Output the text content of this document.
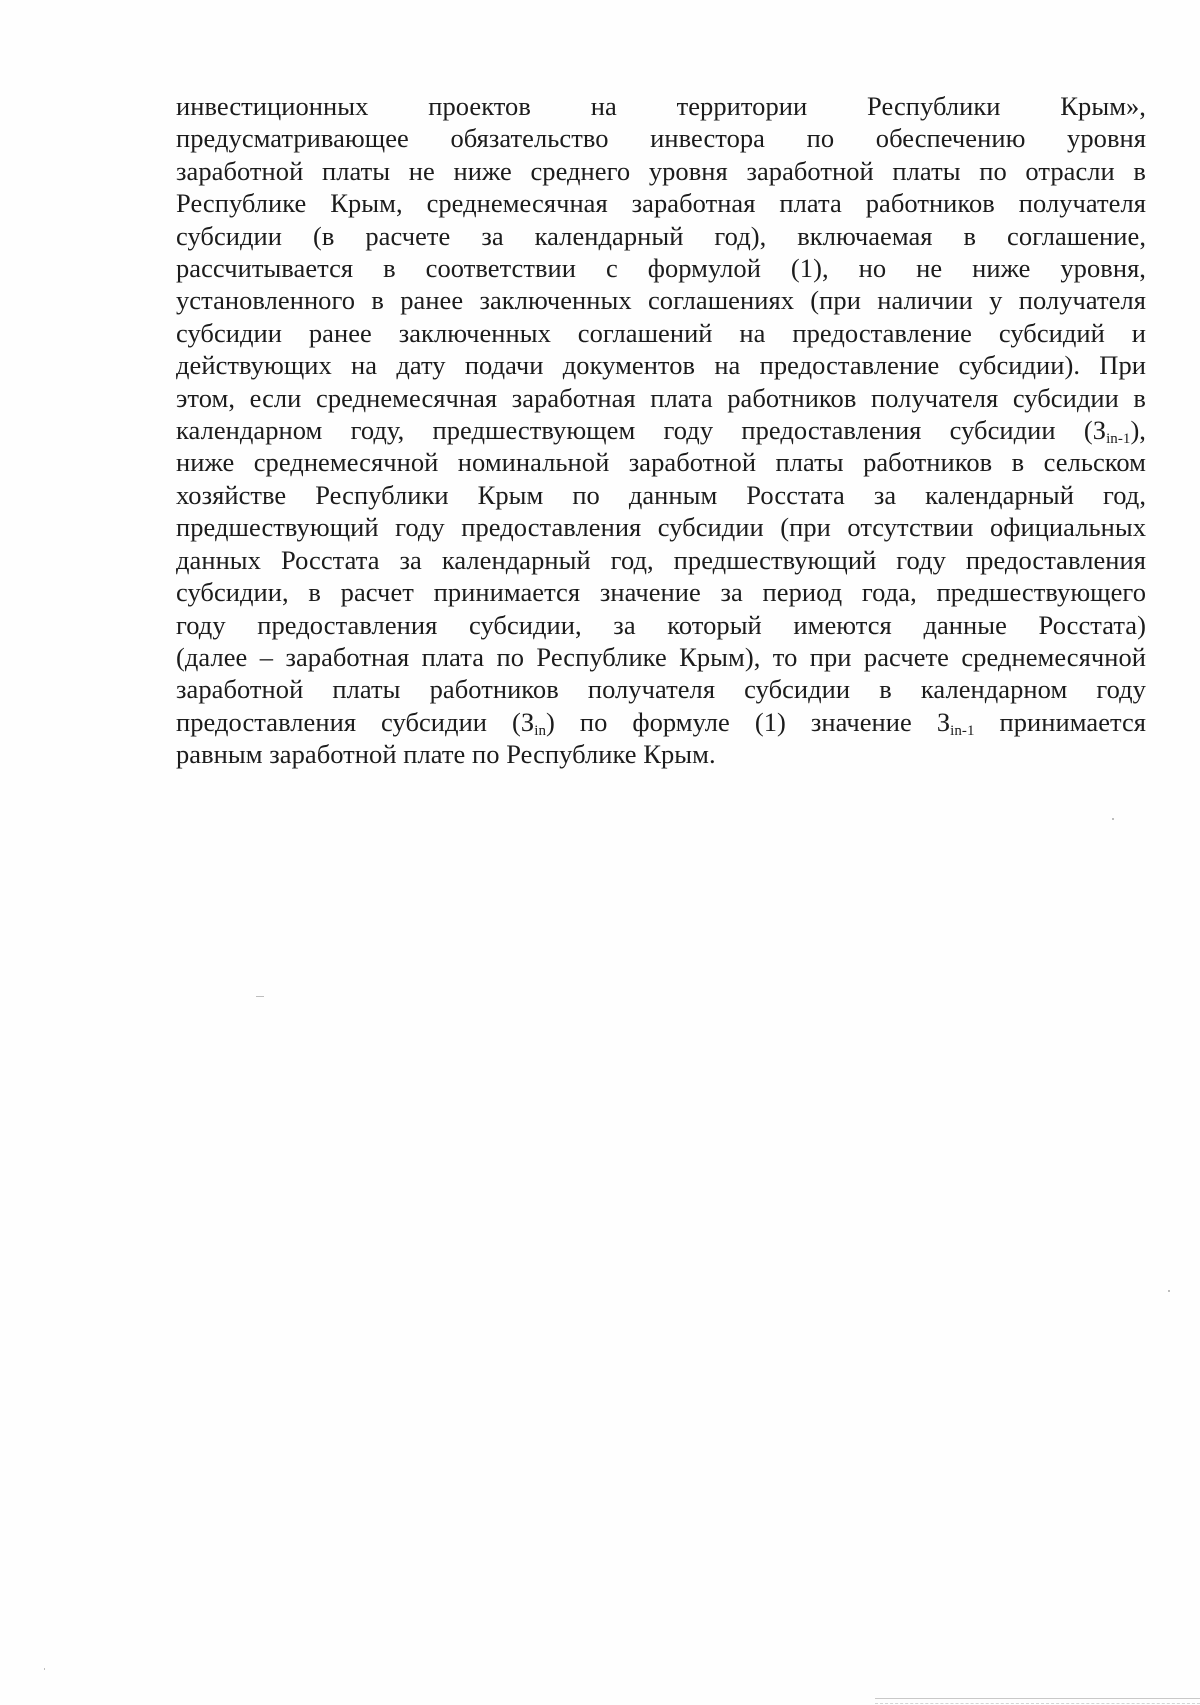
инвестиционных проектов на территории Республики Крым»,
предусматривающее обязательство инвестора по обеспечению уровня
заработной платы не ниже среднего уровня заработной платы по отрасли в
Республике Крым, среднемесячная заработная плата работников получателя
субсидии (в расчете за календарный год), включаемая в соглашение,
рассчитывается в соответствии с формулой (1), но не ниже уровня,
установленного в ранее заключенных соглашениях (при наличии у получателя
субсидии ранее заключенных соглашений на предоставление субсидий и
действующих на дату подачи документов на предоставление субсидии). При
этом, если среднемесячная заработная плата работников получателя субсидии в
календарном году, предшествующем году предоставления субсидии $(З_{in-1})$,
ниже среднемесячной номинальной заработной платы работников в сельском
хозяйстве Республики Крым по данным Росстата за календарный год,
предшествующий году предоставления субсидии (при отсутствии официальных
данных Росстата за календарный год, предшествующий году предоставления
субсидии, в расчет принимается значение за период года, предшествующего
году предоставления субсидии, за который имеются данные Росстата)
(далее – заработная плата по Республике Крым), то при расчете среднемесячной
заработной платы работников получателя субсидии в календарном году
предоставления субсидии $(З_{in})$ по формуле (1) значение $З_{in-1}$ принимается
равным заработной плате по Республике Крым.
